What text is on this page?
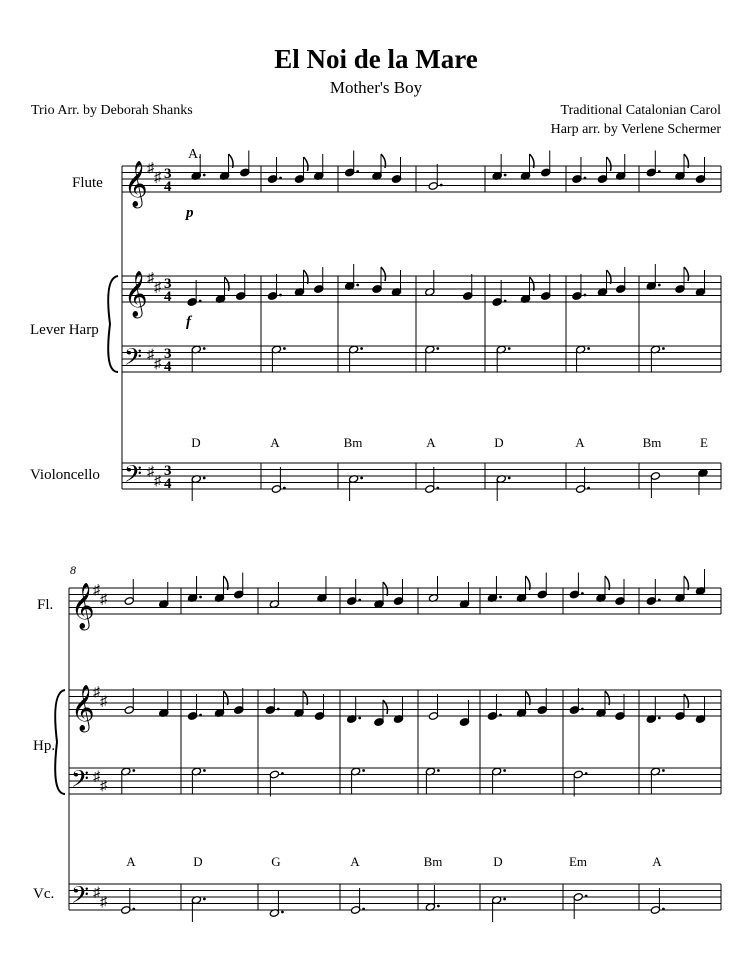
El Noi de la Mare
Mother's Boy
Trio Arr. by Deborah Shanks	Traditional Catalonian Carol
Harp arr. by Verlene Schermer
Flute
Lever Harp
Violoncello
Fl.
Hp.
Vc.
𝄞 ♯
♯ 3
4
𝄞 ♯
♯ 3
4
𝄢 ♯
♯
3
4
𝄢 ♯
♯
3
4
A.
p
f
D	A	Bm	A	D	A	Bm	E
𝄞
♯
♯
𝄞
♯
♯
𝄢 ♯
♯
𝄢 ♯
♯
8
A	D	G	A	Bm	D	Em	A
